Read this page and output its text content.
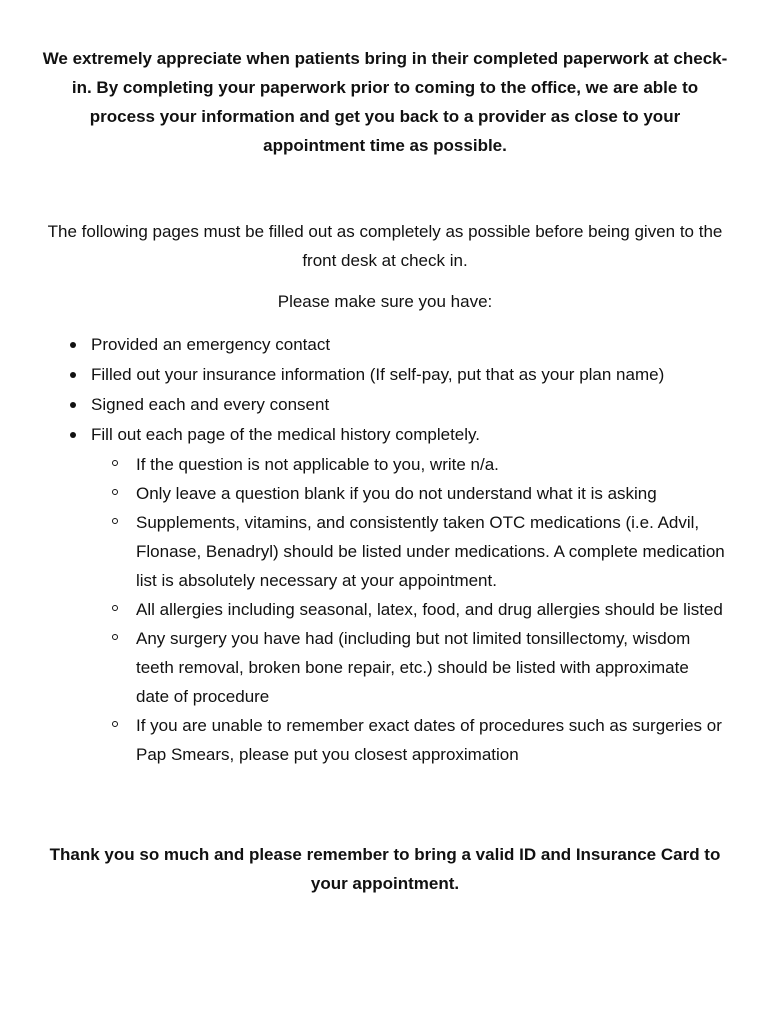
We extremely appreciate when patients bring in their completed paperwork at check-in. By completing your paperwork prior to coming to the office, we are able to process your information and get you back to a provider as close to your appointment time as possible.

The following pages must be filled out as completely as possible before being given to the front desk at check in.

Please make sure you have:

Provided an emergency contact
Filled out your insurance information (If self-pay, put that as your plan name)
Signed each and every consent
Fill out each page of the medical history completely.
If the question is not applicable to you, write n/a.
Only leave a question blank if you do not understand what it is asking
Supplements, vitamins, and consistently taken OTC medications (i.e. Advil, Flonase, Benadryl) should be listed under medications. A complete medication list is absolutely necessary at your appointment.
All allergies including seasonal, latex, food, and drug allergies should be listed
Any surgery you have had (including but not limited tonsillectomy, wisdom teeth removal, broken bone repair, etc.) should be listed with approximate date of procedure
If you are unable to remember exact dates of procedures such as surgeries or Pap Smears, please put you closest approximation

Thank you so much and please remember to bring a valid ID and Insurance Card to your appointment.
